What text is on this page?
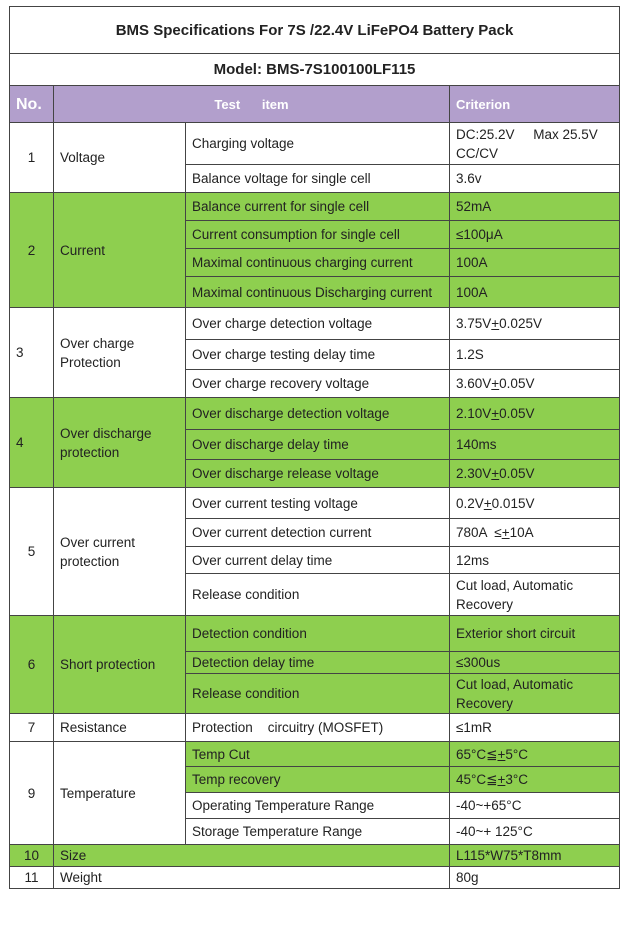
BMS Specifications For 7S /22.4V LiFePO4 Battery Pack			
Model: BMS-7S100100LF115			
No.	Test      item		Criterion
1	Voltage	Charging voltage	DC:25.2V     Max 25.5V
CC/CV
		Balance voltage for single cell	3.6v
2	Current	Balance current for single cell	52mA
		Current consumption for single cell	≤100μA
		Maximal continuous charging current	100A
		Maximal continuous Discharging current	100A
3	Over charge
Protection	Over charge detection voltage	3.75V+0.025V
		Over charge testing delay time	1.2S
		Over charge recovery voltage	3.60V+0.05V
4	Over discharge
protection	Over discharge detection voltage	2.10V+0.05V
		Over discharge delay time	140ms
		Over discharge release voltage	2.30V+0.05V
5	Over current
protection	Over current testing voltage	0.2V+0.015V
		Over current detection current	780A  ≤+10A
		Over current delay time	12ms
		Release condition	Cut load, Automatic
Recovery
6	Short protection	Detection condition	Exterior short circuit
		Detection delay time	≤300us
		Release condition	Cut load, Automatic
Recovery
7	Resistance	Protection    circuitry (MOSFET)	≤1mR
9	Temperature	Temp Cut	65°C≦+5°C
		Temp recovery	45°C≦+3°C
		Operating Temperature Range	-40~+65°C
		Storage Temperature Range	-40~+ 125°C
10	Size		L115*W75*T8mm
11	Weight		80g
